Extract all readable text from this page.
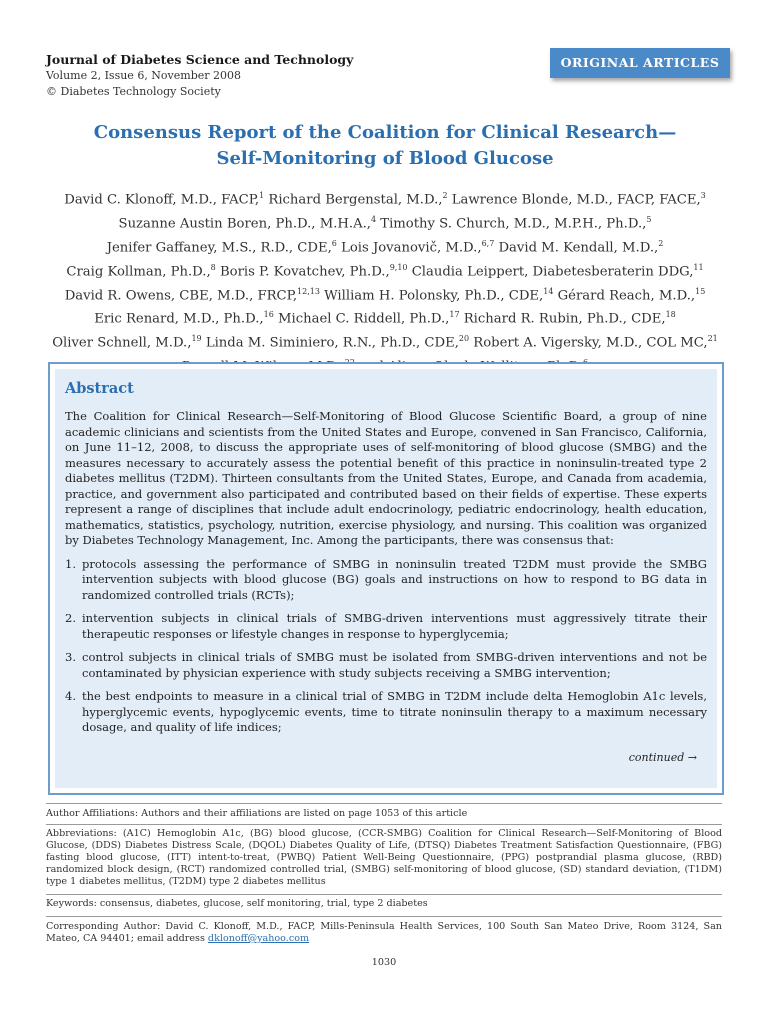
Journal of Diabetes Science and Technology
Volume 2, Issue 6, November 2008
© Diabetes Technology Society
ORIGINAL ARTICLES
Consensus Report of the Coalition for Clinical Research—
Self-Monitoring of Blood Glucose
David C. Klonoff, M.D., FACP,$^1$ Richard Bergenstal, M.D.,$^2$ Lawrence Blonde, M.D., FACP, FACE,$^3$
Suzanne Austin Boren, Ph.D., M.H.A.,$^4$ Timothy S. Church, M.D., M.P.H., Ph.D.,$^5$
Jenifer Gaffaney, M.S., R.D., CDE,$^6$ Lois Jovanovič, M.D.,$^{6,7}$ David M. Kendall, M.D.,$^2$
Craig Kollman, Ph.D.,$^8$ Boris P. Kovatchev, Ph.D.,$^{9,10}$ Claudia Leippert, Diabetesberaterin DDG,$^{11}$
David R. Owens, CBE, M.D., FRCP,$^{12,13}$ William H. Polonsky, Ph.D., CDE,$^{14}$ Gérard Reach, M.D.,$^{15}$
Eric Renard, M.D., Ph.D.,$^{16}$ Michael C. Riddell, Ph.D.,$^{17}$ Richard R. Rubin, Ph.D., CDE,$^{18}$
Oliver Schnell, M.D.,$^{19}$ Linda M. Siminiero, R.N., Ph.D., CDE,$^{20}$ Robert A. Vigersky, M.D., COL MC,$^{21}$
Abstract

The Coalition for Clinical Research—Self-Monitoring of Blood Glucose Scientific Board, a group of nine academic clinicians and scientists from the United States and Europe, convened in San Francisco, California, on June 11–12, 2008, to discuss the appropriate uses of self-monitoring of blood glucose (SMBG) and the measures necessary to accurately assess the potential benefit of this practice in noninsulin-treated type 2 diabetes mellitus (T2DM). Thirteen consultants from the United States, Europe, and Canada from academia, practice, and government also participated and contributed based on their fields of expertise. These experts represent a range of disciplines that include adult endocrinology, pediatric endocrinology, health education, mathematics, statistics, psychology, nutrition, exercise physiology, and nursing. This coalition was organized by Diabetes Technology Management, Inc. Among the participants, there was consensus that:

1. protocols assessing the performance of SMBG in noninsulin treated T2DM must provide the SMBG intervention subjects with blood glucose (BG) goals and instructions on how to respond to BG data in randomized controlled trials (RCTs);
2. intervention subjects in clinical trials of SMBG-driven interventions must aggressively titrate their therapeutic responses or lifestyle changes in response to hyperglycemia;
3. control subjects in clinical trials of SMBG must be isolated from SMBG-driven interventions and not be contaminated by physician experience with study subjects receiving a SMBG intervention;
4. the best endpoints to measure in a clinical trial of SMBG in T2DM include delta Hemoglobin A1c levels, hyperglycemic events, hypoglycemic events, time to titrate noninsulin therapy to a maximum necessary dosage, and quality of life indices;
continued →
Author Affiliations: Authors and their affiliations are listed on page 1053 of this article
Abbreviations: (A1C) Hemoglobin A1c, (BG) blood glucose, (CCR-SMBG) Coalition for Clinical Research—Self-Monitoring of Blood Glucose, (DDS) Diabetes Distress Scale, (DQOL) Diabetes Quality of Life, (DTSQ) Diabetes Treatment Satisfaction Questionnaire, (FBG) fasting blood glucose, (ITT) intent-to-treat, (PWBQ) Patient Well-Being Questionnaire, (PPG) postprandial plasma glucose, (RBD) randomized block design, (RCT) randomized controlled trial, (SMBG) self-monitoring of blood glucose, (SD) standard deviation, (T1DM) type 1 diabetes mellitus, (T2DM) type 2 diabetes mellitus
Keywords: consensus, diabetes, glucose, self monitoring, trial, type 2 diabetes
Corresponding Author: David C. Klonoff, M.D., FACP, Mills-Peninsula Health Services, 100 South San Mateo Drive, Room 3124, San Mateo, CA 94401; email address dklonoff@yahoo.com
1030
